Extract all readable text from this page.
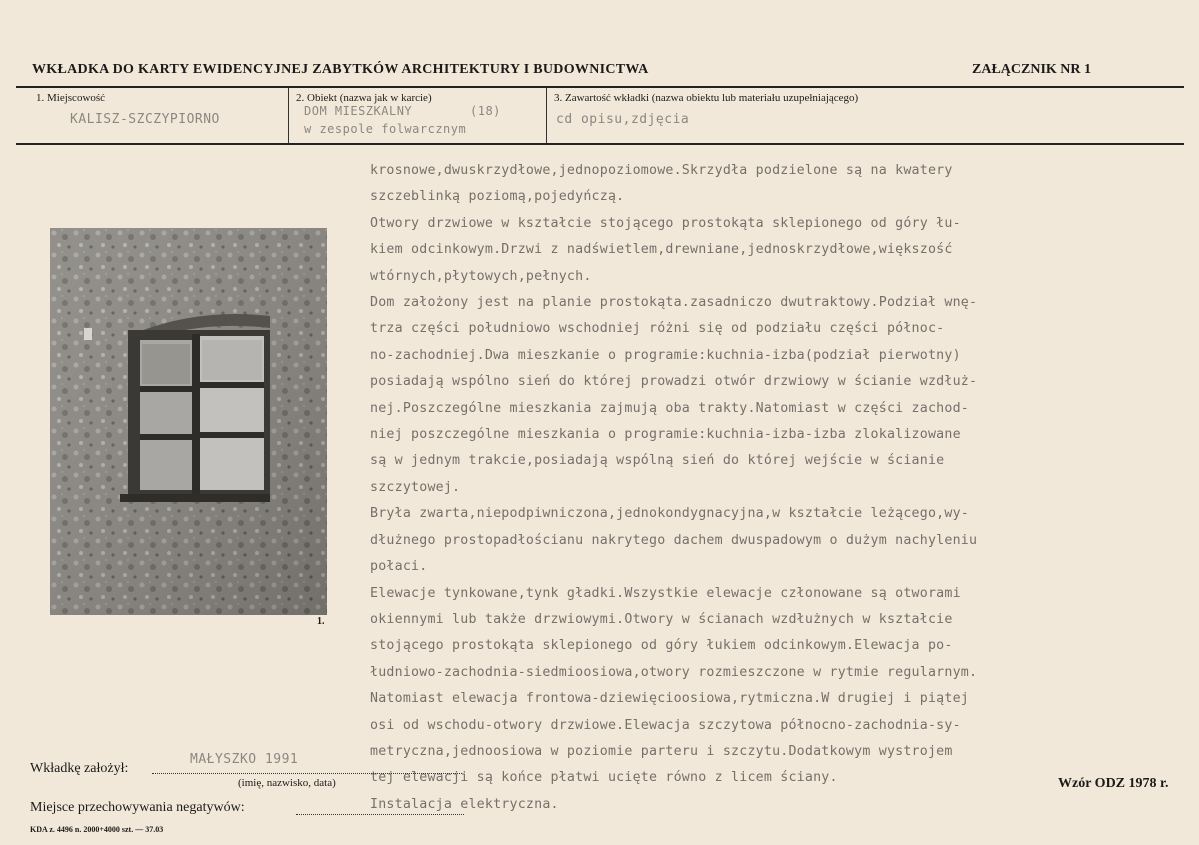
WKŁADKA DO KARTY EWIDENCYJNEJ ZABYTKÓW ARCHITEKTURY I BUDOWNICTWA	ZAŁĄCZNIK NR 1
1. Miejscowość
KALISZ-SZCZYPIORNO
2. Obiekt (nazwa jak w karcie)
DOM MIESZKALNY	(18)
w zespole folwarcznym
3. Zawartość wkładki (nazwa obiektu lub materiału uzupełniającego)
cd opisu,zdjęcia
1.
krosnowe,dwuskrzydłowe,jednopoziomowe.Skrzydła podzielone są na kwatery
szczeblinką poziomą,pojedyńczą.
Otwory drzwiowe w kształcie stojącego prostokąta sklepionego od góry łu-
kiem odcinkowym.Drzwi z nadświetlem,drewniane,jednoskrzydłowe,większość
wtórnych,płytowych,pełnych.
Dom założony jest na planie prostokąta.zasadniczo dwutraktowy.Podział wnę-
trza części południowo wschodniej różni się od podziału części północ-
no-zachodniej.Dwa mieszkanie o programie:kuchnia-izba(podział pierwotny)
posiadają wspólno sień do której prowadzi otwór drzwiowy w ścianie wzdłuż-
nej.Poszczególne mieszkania zajmują oba trakty.Natomiast w części zachod-
niej poszczególne mieszkania o programie:kuchnia-izba-izba zlokalizowane
są w jednym trakcie,posiadają wspólną sień do której wejście w ścianie
szczytowej.
Bryła zwarta,niepodpiwniczona,jednokondygnacyjna,w kształcie leżącego,wy-
dłużnego prostopadłościanu nakrytego dachem dwuspadowym o dużym nachyleniu
połaci.
Elewacje tynkowane,tynk gładki.Wszystkie elewacje członowane są otworami
okiennymi lub także drzwiowymi.Otwory w ścianach wzdłużnych w kształcie
stojącego prostokąta sklepionego od góry łukiem odcinkowym.Elewacja po-
łudniowo-zachodnia-siedmioosiowa,otwory rozmieszczone w rytmie regularnym.
Natomiast elewacja frontowa-dziewięcioosiowa,rytmiczna.W drugiej i piątej
osi od wschodu-otwory drzwiowe.Elewacja szczytowa północno-zachodnia-sy-
metryczna,jednoosiowa w poziomie parteru i szczytu.Dodatkowym wystrojem
tej elewacji są końce płatwi ucięte równo z licem ściany.
Instalacja elektryczna.
Wkładkę założył:
MAŁYSZKO 1991
(imię, nazwisko, data)
Miejsce przechowywania negatywów:
Wzór ODZ 1978 r.
KDA z. 4496 n. 2000+4000 szt. — 37.03
